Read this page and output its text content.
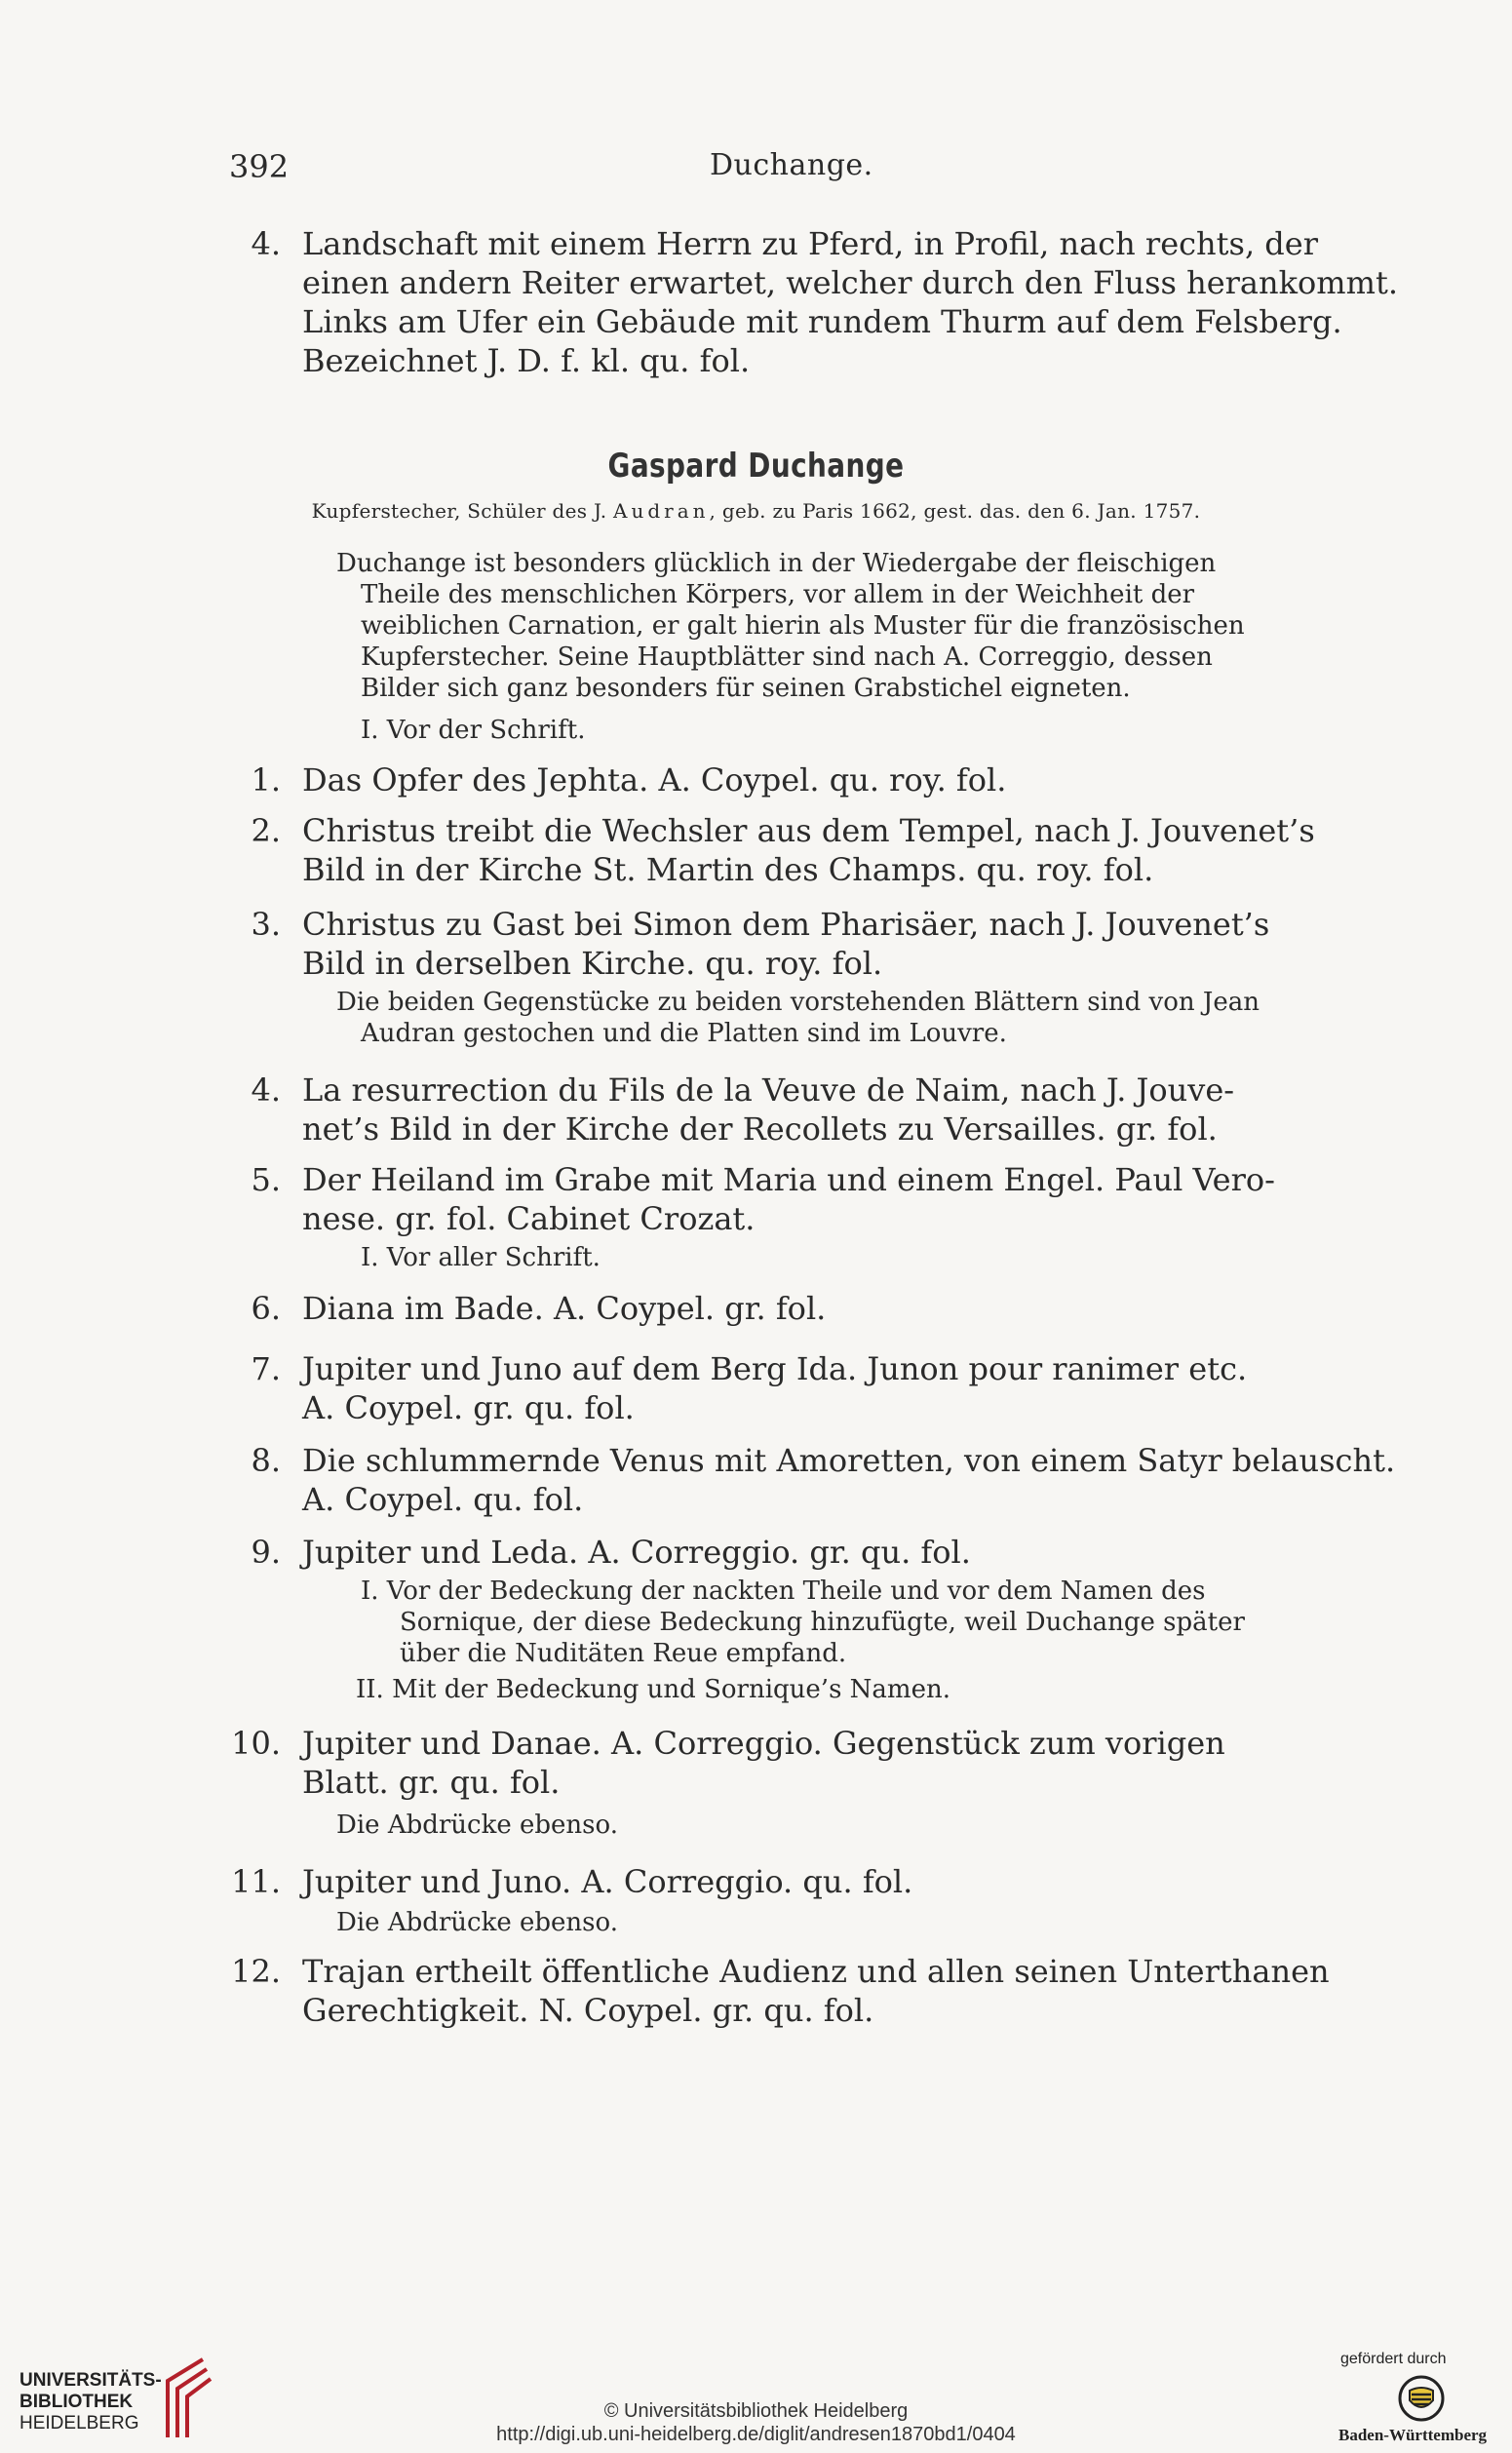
392	Duchange.
4. Landschaft mit einem Herrn zu Pferd, in Profil, nach rechts, der
einen andern Reiter erwartet, welcher durch den Fluss herankommt.
Links am Ufer ein Gebäude mit rundem Thurm auf dem Felsberg.
Bezeichnet J. D. f. kl. qu. fol.
Gaspard Duchange
Kupferstecher, Schüler des J. Audran, geb. zu Paris 1662, gest. das. den 6. Jan. 1757.
Duchange ist besonders glücklich in der Wiedergabe der fleischigen
Theile des menschlichen Körpers, vor allem in der Weichheit der
weiblichen Carnation, er galt hierin als Muster für die französischen
Kupferstecher. Seine Hauptblätter sind nach A. Correggio, dessen
Bilder sich ganz besonders für seinen Grabstichel eigneten.
I. Vor der Schrift.
1. Das Opfer des Jephta. A. Coypel. qu. roy. fol.
2. Christus treibt die Wechsler aus dem Tempel, nach J. Jouvenet’s
Bild in der Kirche St. Martin des Champs. qu. roy. fol.
3. Christus zu Gast bei Simon dem Pharisäer, nach J. Jouvenet’s
Bild in derselben Kirche. qu. roy. fol.
Die beiden Gegenstücke zu beiden vorstehenden Blättern sind von Jean
Audran gestochen und die Platten sind im Louvre.
4. La resurrection du Fils de la Veuve de Naim, nach J. Jouve-
net’s Bild in der Kirche der Recollets zu Versailles. gr. fol.
5. Der Heiland im Grabe mit Maria und einem Engel. Paul Vero-
nese. gr. fol. Cabinet Crozat.
I. Vor aller Schrift.
6. Diana im Bade. A. Coypel. gr. fol.
7. Jupiter und Juno auf dem Berg Ida. Junon pour ranimer etc.
A. Coypel. gr. qu. fol.
8. Die schlummernde Venus mit Amoretten, von einem Satyr belauscht.
A. Coypel. qu. fol.
9. Jupiter und Leda. A. Correggio. gr. qu. fol.
I. Vor der Bedeckung der nackten Theile und vor dem Namen des
Sornique, der diese Bedeckung hinzufügte, weil Duchange später
über die Nuditäten Reue empfand.
II. Mit der Bedeckung und Sornique’s Namen.
10. Jupiter und Danae. A. Correggio. Gegenstück zum vorigen
Blatt. gr. qu. fol.
Die Abdrücke ebenso.
11. Jupiter und Juno. A. Correggio. qu. fol.
Die Abdrücke ebenso.
12. Trajan ertheilt öffentliche Audienz und allen seinen Unterthanen
Gerechtigkeit. N. Coypel. gr. qu. fol.
UNIVERSITÄTS-
BIBLIOTHEK
HEIDELBERG
© Universitätsbibliothek Heidelberg
http://digi.ub.uni-heidelberg.de/diglit/andresen1870bd1/0404
gefördert durch
Baden-Württemberg
